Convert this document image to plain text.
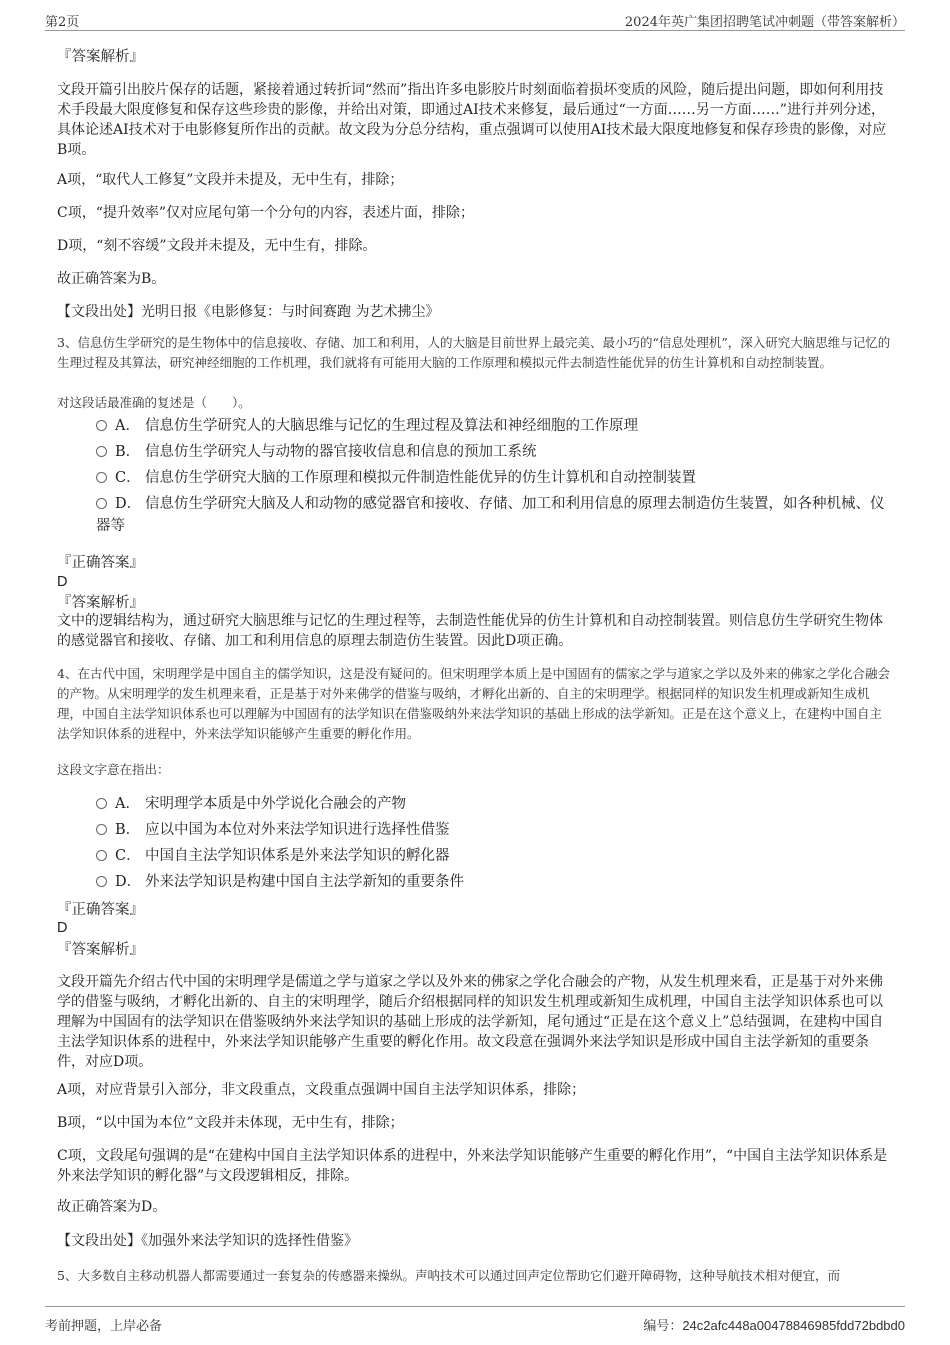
第2页	2024年英广集团招聘笔试冲刺题（带答案解析）
『答案解析』
文段开篇引出胶片保存的话题，紧接着通过转折词“然而”指出许多电影胶片时刻面临着损坏变质的风险，随后提出问题，即如何利用技术手段最大限度修复和保存这些珍贵的影像，并给出对策，即通过AI技术来修复，最后通过“一方面……另一方面……”进行并列分述，具体论述AI技术对于电影修复所作出的贡献。故文段为分总分结构，重点强调可以使用AI技术最大限度地修复和保存珍贵的影像，对应B项。
A项，“取代人工修复”文段并未提及，无中生有，排除；
C项，“提升效率”仅对应尾句第一个分句的内容，表述片面，排除；
D项，“刻不容缓”文段并未提及，无中生有，排除。
故正确答案为B。
【文段出处】光明日报《电影修复：与时间赛跑 为艺术拂尘》
3、信息仿生学研究的是生物体中的信息接收、存储、加工和利用，人的大脑是目前世界上最完美、最小巧的“信息处理机”，深入研究大脑思维与记忆的生理过程及其算法，研究神经细胞的工作机理，我们就将有可能用大脑的工作原理和模拟元件去制造性能优异的仿生计算机和自动控制装置。
对这段话最准确的复述是（　　）。
A． 信息仿生学研究人的大脑思维与记忆的生理过程及算法和神经细胞的工作原理
B． 信息仿生学研究人与动物的器官接收信息和信息的预加工系统
C． 信息仿生学研究大脑的工作原理和模拟元件制造性能优异的仿生计算机和自动控制装置
D． 信息仿生学研究大脑及人和动物的感觉器官和接收、存储、加工和利用信息的原理去制造仿生装置，如各种机械、仪器等
『正确答案』
D
『答案解析』
文中的逻辑结构为，通过研究大脑思维与记忆的生理过程等，去制造性能优异的仿生计算机和自动控制装置。则信息仿生学研究生物体的感觉器官和接收、存储、加工和利用信息的原理去制造仿生装置。因此D项正确。
4、在古代中国，宋明理学是中国自主的儒学知识，这是没有疑问的。但宋明理学本质上是中国固有的儒家之学与道家之学以及外来的佛家之学化合融会的产物。从宋明理学的发生机理来看，正是基于对外来佛学的借鉴与吸纳，才孵化出新的、自主的宋明理学。根据同样的知识发生机理或新知生成机理，中国自主法学知识体系也可以理解为中国固有的法学知识在借鉴吸纳外来法学知识的基础上形成的法学新知。正是在这个意义上，在建构中国自主法学知识体系的进程中，外来法学知识能够产生重要的孵化作用。
这段文字意在指出：
A． 宋明理学本质是中外学说化合融会的产物
B． 应以中国为本位对外来法学知识进行选择性借鉴
C． 中国自主法学知识体系是外来法学知识的孵化器
D． 外来法学知识是构建中国自主法学新知的重要条件
『正确答案』
D
『答案解析』
文段开篇先介绍古代中国的宋明理学是儒道之学与道家之学以及外来的佛家之学化合融会的产物，从发生机理来看，正是基于对外来佛学的借鉴与吸纳，才孵化出新的、自主的宋明理学，随后介绍根据同样的知识发生机理或新知生成机理，中国自主法学知识体系也可以理解为中国固有的法学知识在借鉴吸纳外来法学知识的基础上形成的法学新知，尾句通过“正是在这个意义上”总结强调，在建构中国自主法学知识体系的进程中，外来法学知识能够产生重要的孵化作用。故文段意在强调外来法学知识是形成中国自主法学新知的重要条件，对应D项。
A项，对应背景引入部分，非文段重点，文段重点强调中国自主法学知识体系，排除；
B项，“以中国为本位”文段并未体现，无中生有，排除；
C项，文段尾句强调的是“在建构中国自主法学知识体系的进程中，外来法学知识能够产生重要的孵化作用”，“中国自主法学知识体系是外来法学知识的孵化器”与文段逻辑相反，排除。
故正确答案为D。
【文段出处】《加强外来法学知识的选择性借鉴》
5、大多数自主移动机器人都需要通过一套复杂的传感器来操纵。声呐技术可以通过回声定位帮助它们避开障碍物，这种导航技术相对便宜，而
考前押题，上岸必备	编号：24c2afc448a00478846985fdd72bdbd0
